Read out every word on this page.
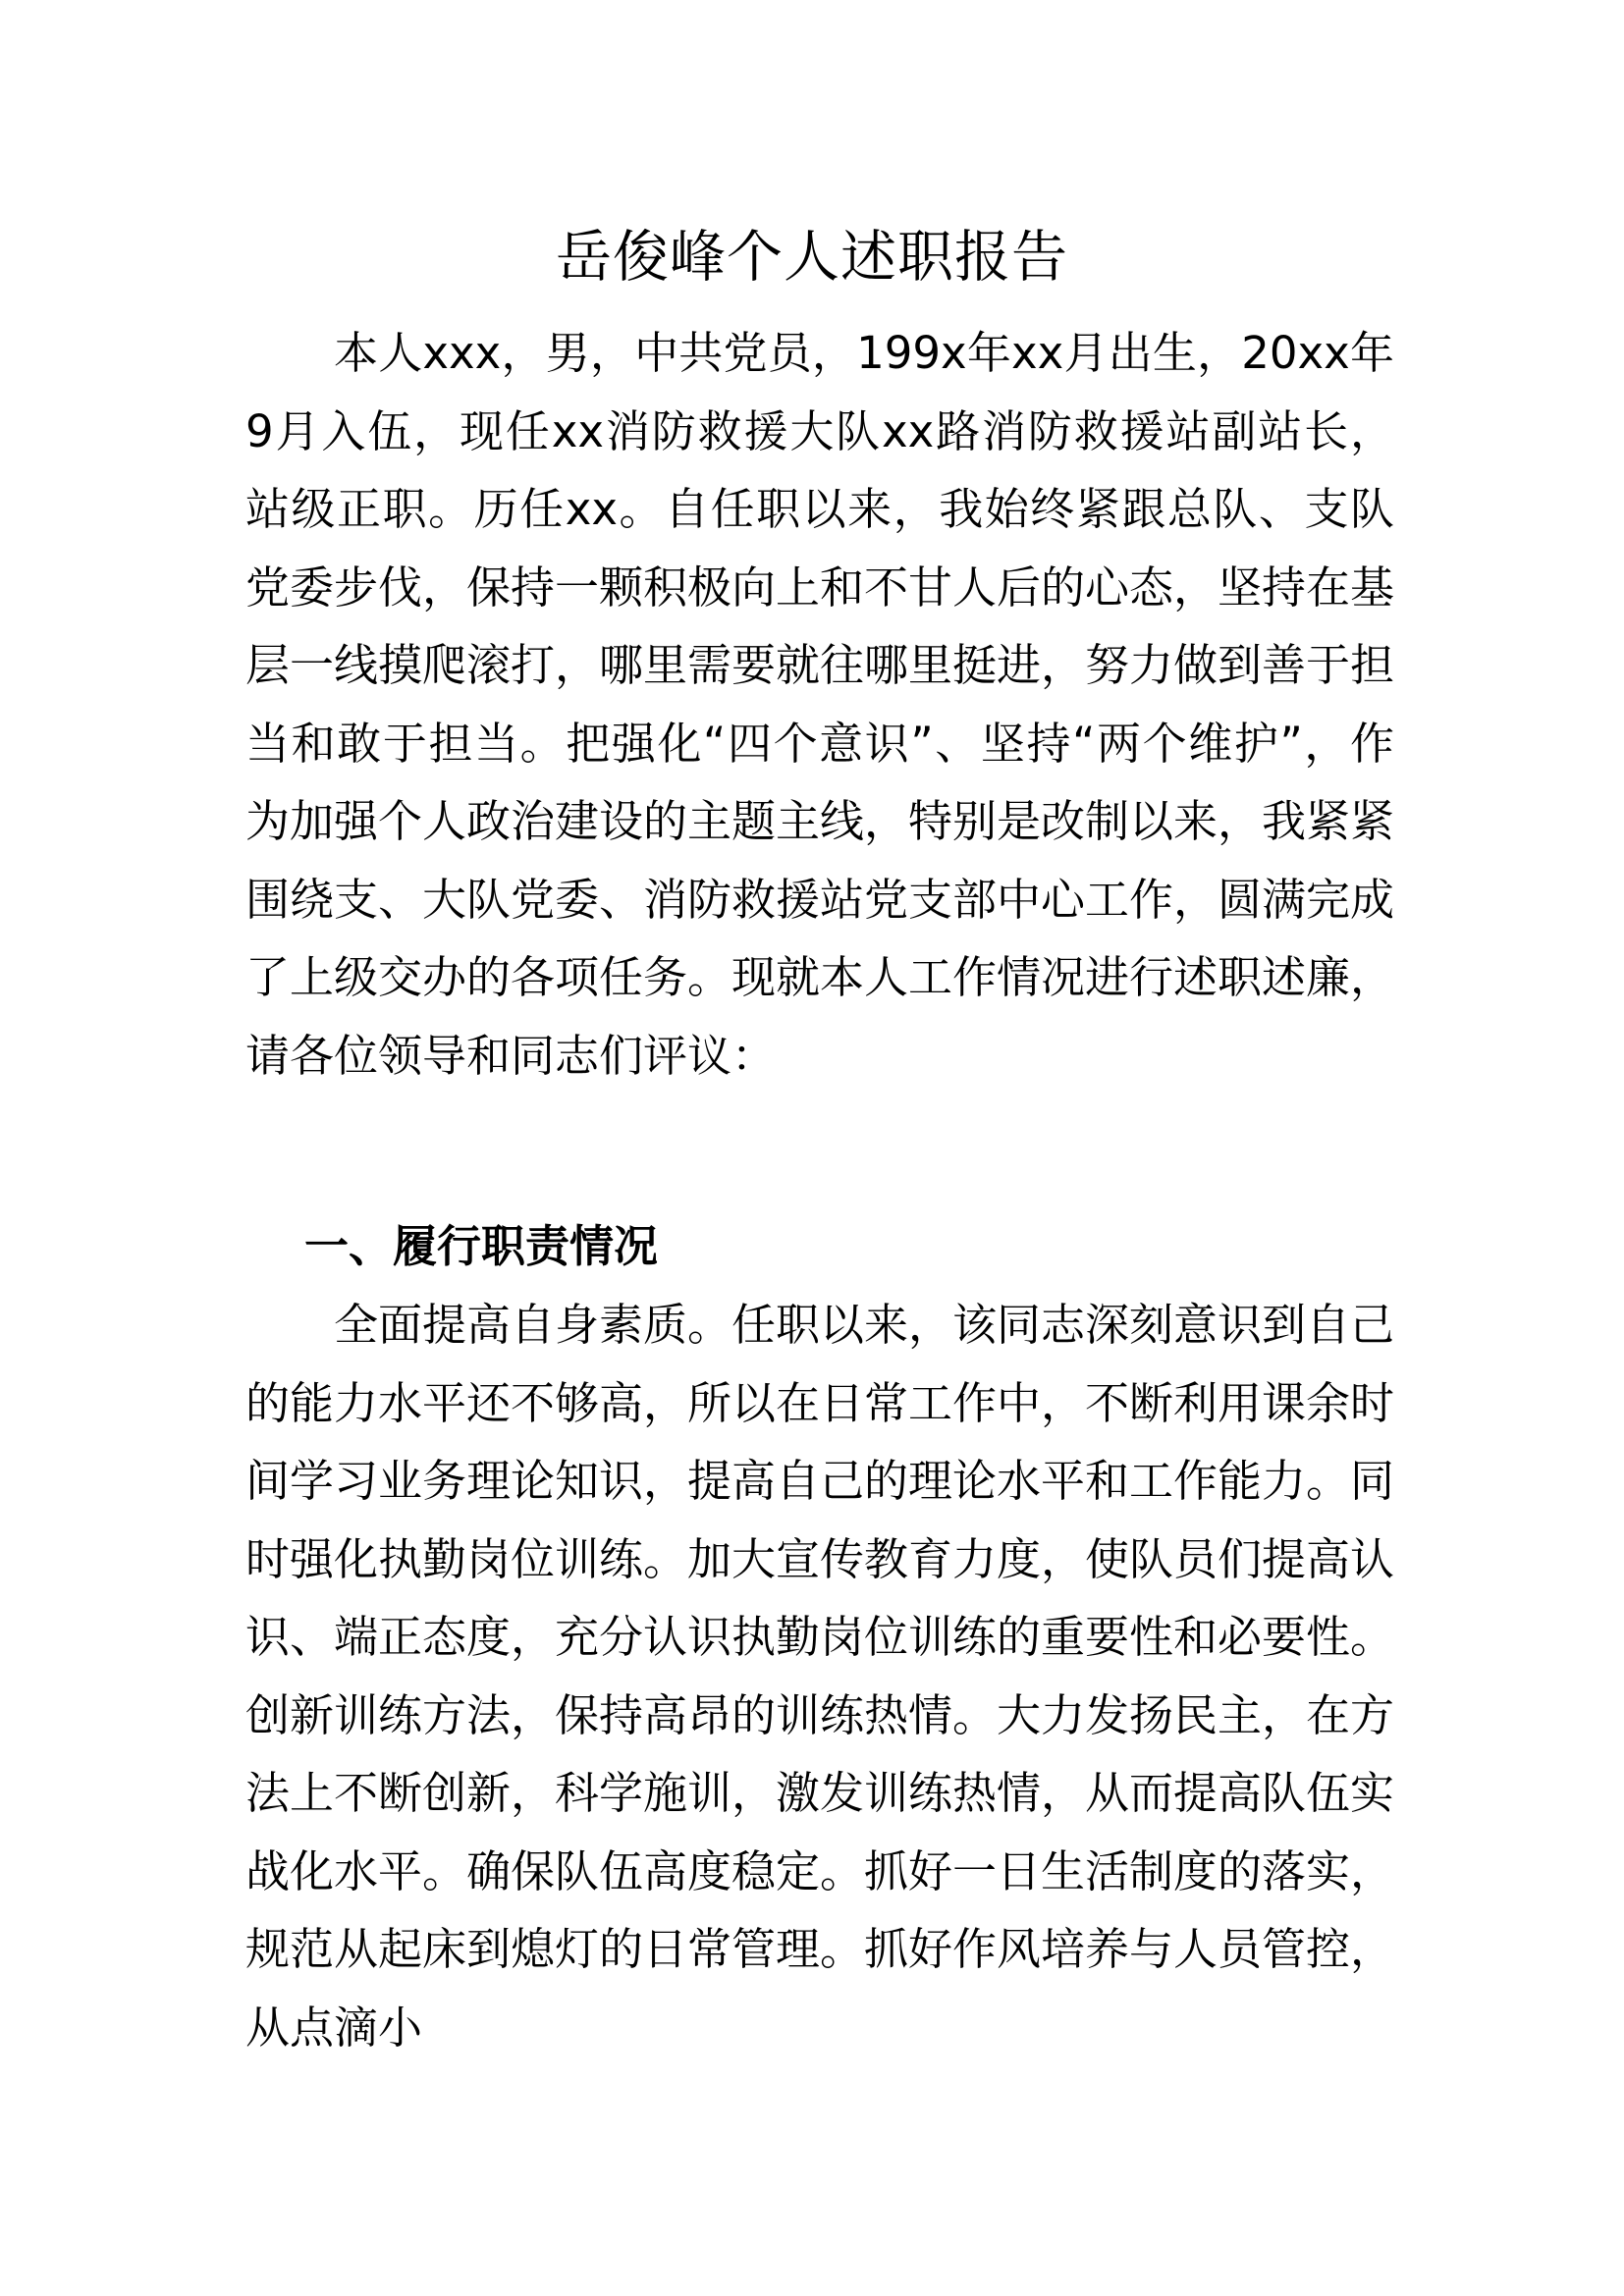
岳俊峰个人述职报告

本人xxx，男，中共党员，199x年xx月出生，20xx年9月入伍，现任xx消防救援大队xx路消防救援站副站长，站级正职。历任xx。自任职以来，我始终紧跟总队、支队党委步伐，保持一颗积极向上和不甘人后的心态，坚持在基层一线摸爬滚打，哪里需要就往哪里挺进，努力做到善于担当和敢于担当。把强化“四个意识”、坚持“两个维护”，作为加强个人政治建设的主题主线，特别是改制以来，我紧紧围绕支、大队党委、消防救援站党支部中心工作，圆满完成了上级交办的各项任务。现就本人工作情况进行述职述廉，请各位领导和同志们评议：

一、履行职责情况

全面提高自身素质。任职以来，该同志深刻意识到自己的能力水平还不够高，所以在日常工作中，不断利用课余时间学习业务理论知识，提高自己的理论水平和工作能力。同时强化执勤岗位训练。加大宣传教育力度，使队员们提高认识、端正态度，充分认识执勤岗位训练的重要性和必要性。创新训练方法，保持高昂的训练热情。大力发扬民主，在方法上不断创新，科学施训，激发训练热情，从而提高队伍实战化水平。确保队伍高度稳定。抓好一日生活制度的落实，规范从起床到熄灯的日常管理。抓好作风培养与人员管控，从点滴小
